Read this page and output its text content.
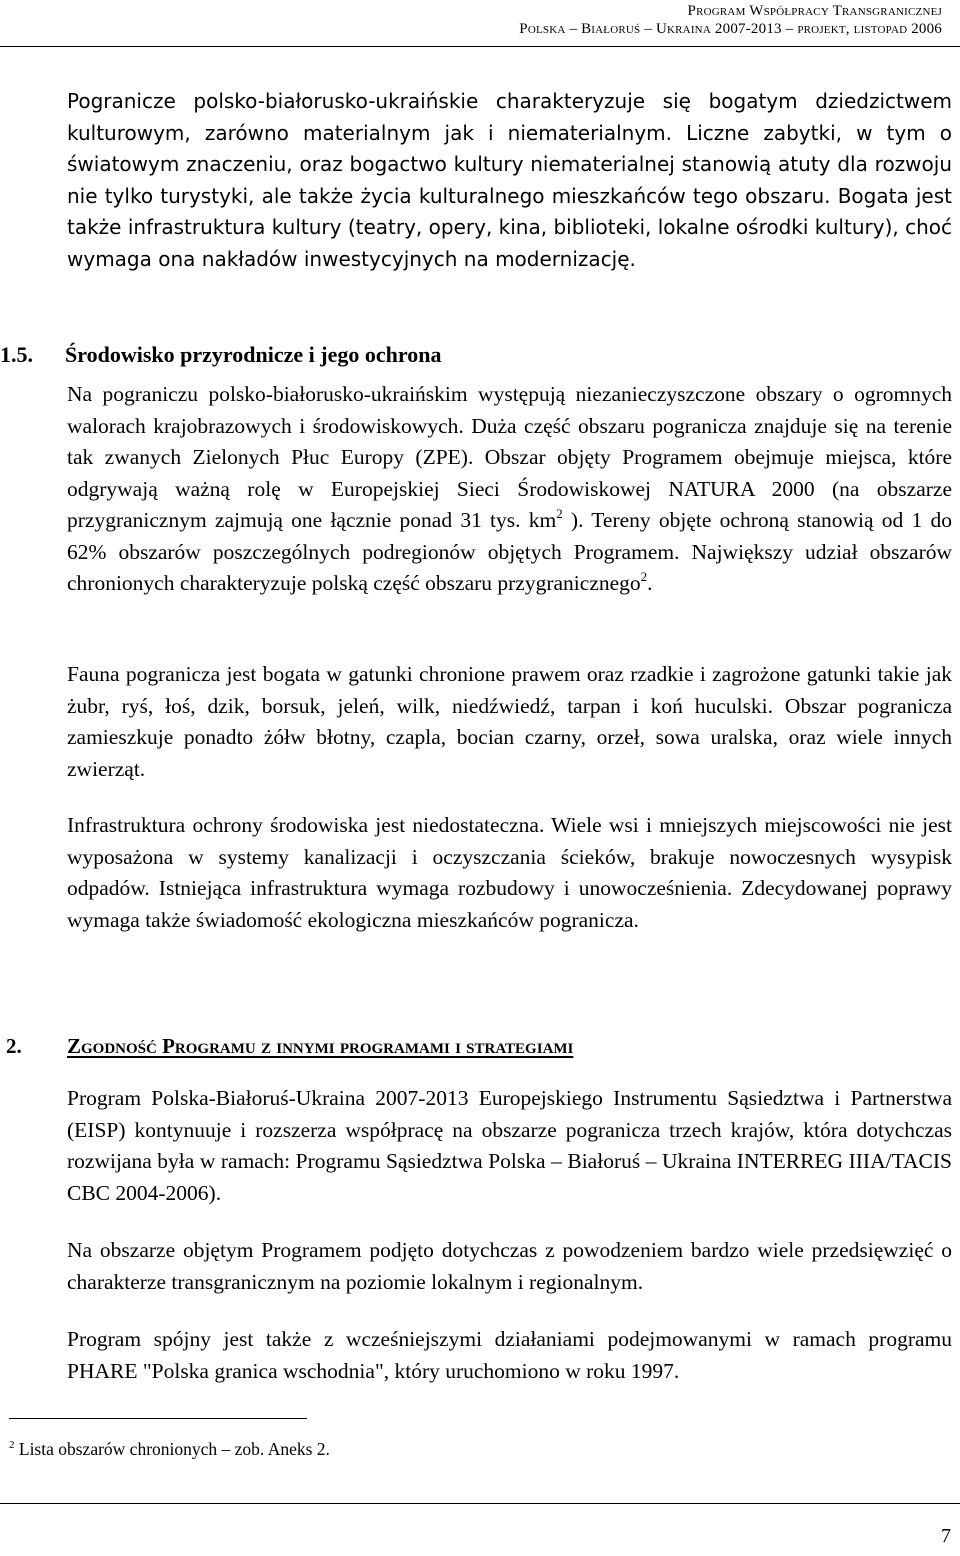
Program Współpracy Transgranicznej
Polska – Białoruś – Ukraina 2007-2013 – projekt, listopad 2006

Pogranicze polsko-białorusko-ukraińskie charakteryzuje się bogatym dziedzictwem kulturowym, zarówno materialnym jak i niematerialnym. Liczne zabytki, w tym o światowym znaczeniu, oraz bogactwo kultury niematerialnej stanowią atuty dla rozwoju nie tylko turystyki, ale także życia kulturalnego mieszkańców tego obszaru. Bogata jest także infrastruktura kultury (teatry, opery, kina, biblioteki, lokalne ośrodki kultury), choć wymaga ona nakładów inwestycyjnych na modernizację.

1.5. Środowisko przyrodnicze i jego ochrona

Na pograniczu polsko-białorusko-ukraińskim występują niezanieczyszczone obszary o ogromnych walorach krajobrazowych i środowiskowych. Duża część obszaru pogranicza znajduje się na terenie tak zwanych Zielonych Płuc Europy (ZPE). Obszar objęty Programem obejmuje miejsca, które odgrywają ważną rolę w Europejskiej Sieci Środowiskowej NATURA 2000 (na obszarze przygranicznym zajmują one łącznie ponad 31 tys. km$^2$ ). Tereny objęte ochroną stanowią od 1 do 62% obszarów poszczególnych podregionów objętych Programem. Największy udział obszarów chronionych charakteryzuje polską część obszaru przygranicznego$^2$.

Fauna pogranicza jest bogata w gatunki chronione prawem oraz rzadkie i zagrożone gatunki takie jak żubr, ryś, łoś, dzik, borsuk, jeleń, wilk, niedźwiedź, tarpan i koń huculski. Obszar pogranicza zamieszkuje ponadto żółw błotny, czapla, bocian czarny, orzeł, sowa uralska, oraz wiele innych zwierząt.

Infrastruktura ochrony środowiska jest niedostateczna. Wiele wsi i mniejszych miejscowości nie jest wyposażona w systemy kanalizacji i oczyszczania ścieków, brakuje nowoczesnych wysypisk odpadów. Istniejąca infrastruktura wymaga rozbudowy i unowocześnienia. Zdecydowanej poprawy wymaga także świadomość ekologiczna mieszkańców pogranicza.

2. Zgodność Programu z innymi programami i strategiami

Program Polska-Białoruś-Ukraina 2007-2013 Europejskiego Instrumentu Sąsiedztwa i Partnerstwa (EISP) kontynuuje i rozszerza współpracę na obszarze pogranicza trzech krajów, która dotychczas rozwijana była w ramach: Programu Sąsiedztwa Polska – Białoruś – Ukraina INTERREG IIIA/TACIS CBC 2004-2006).

Na obszarze objętym Programem podjęto dotychczas z powodzeniem bardzo wiele przedsięwzięć o charakterze transgranicznym na poziomie lokalnym i regionalnym.

Program spójny jest także z wcześniejszymi działaniami podejmowanymi w ramach programu PHARE "Polska granica wschodnia", który uruchomiono w roku 1997.

$^2$ Lista obszarów chronionych – zob. Aneks 2.
7
